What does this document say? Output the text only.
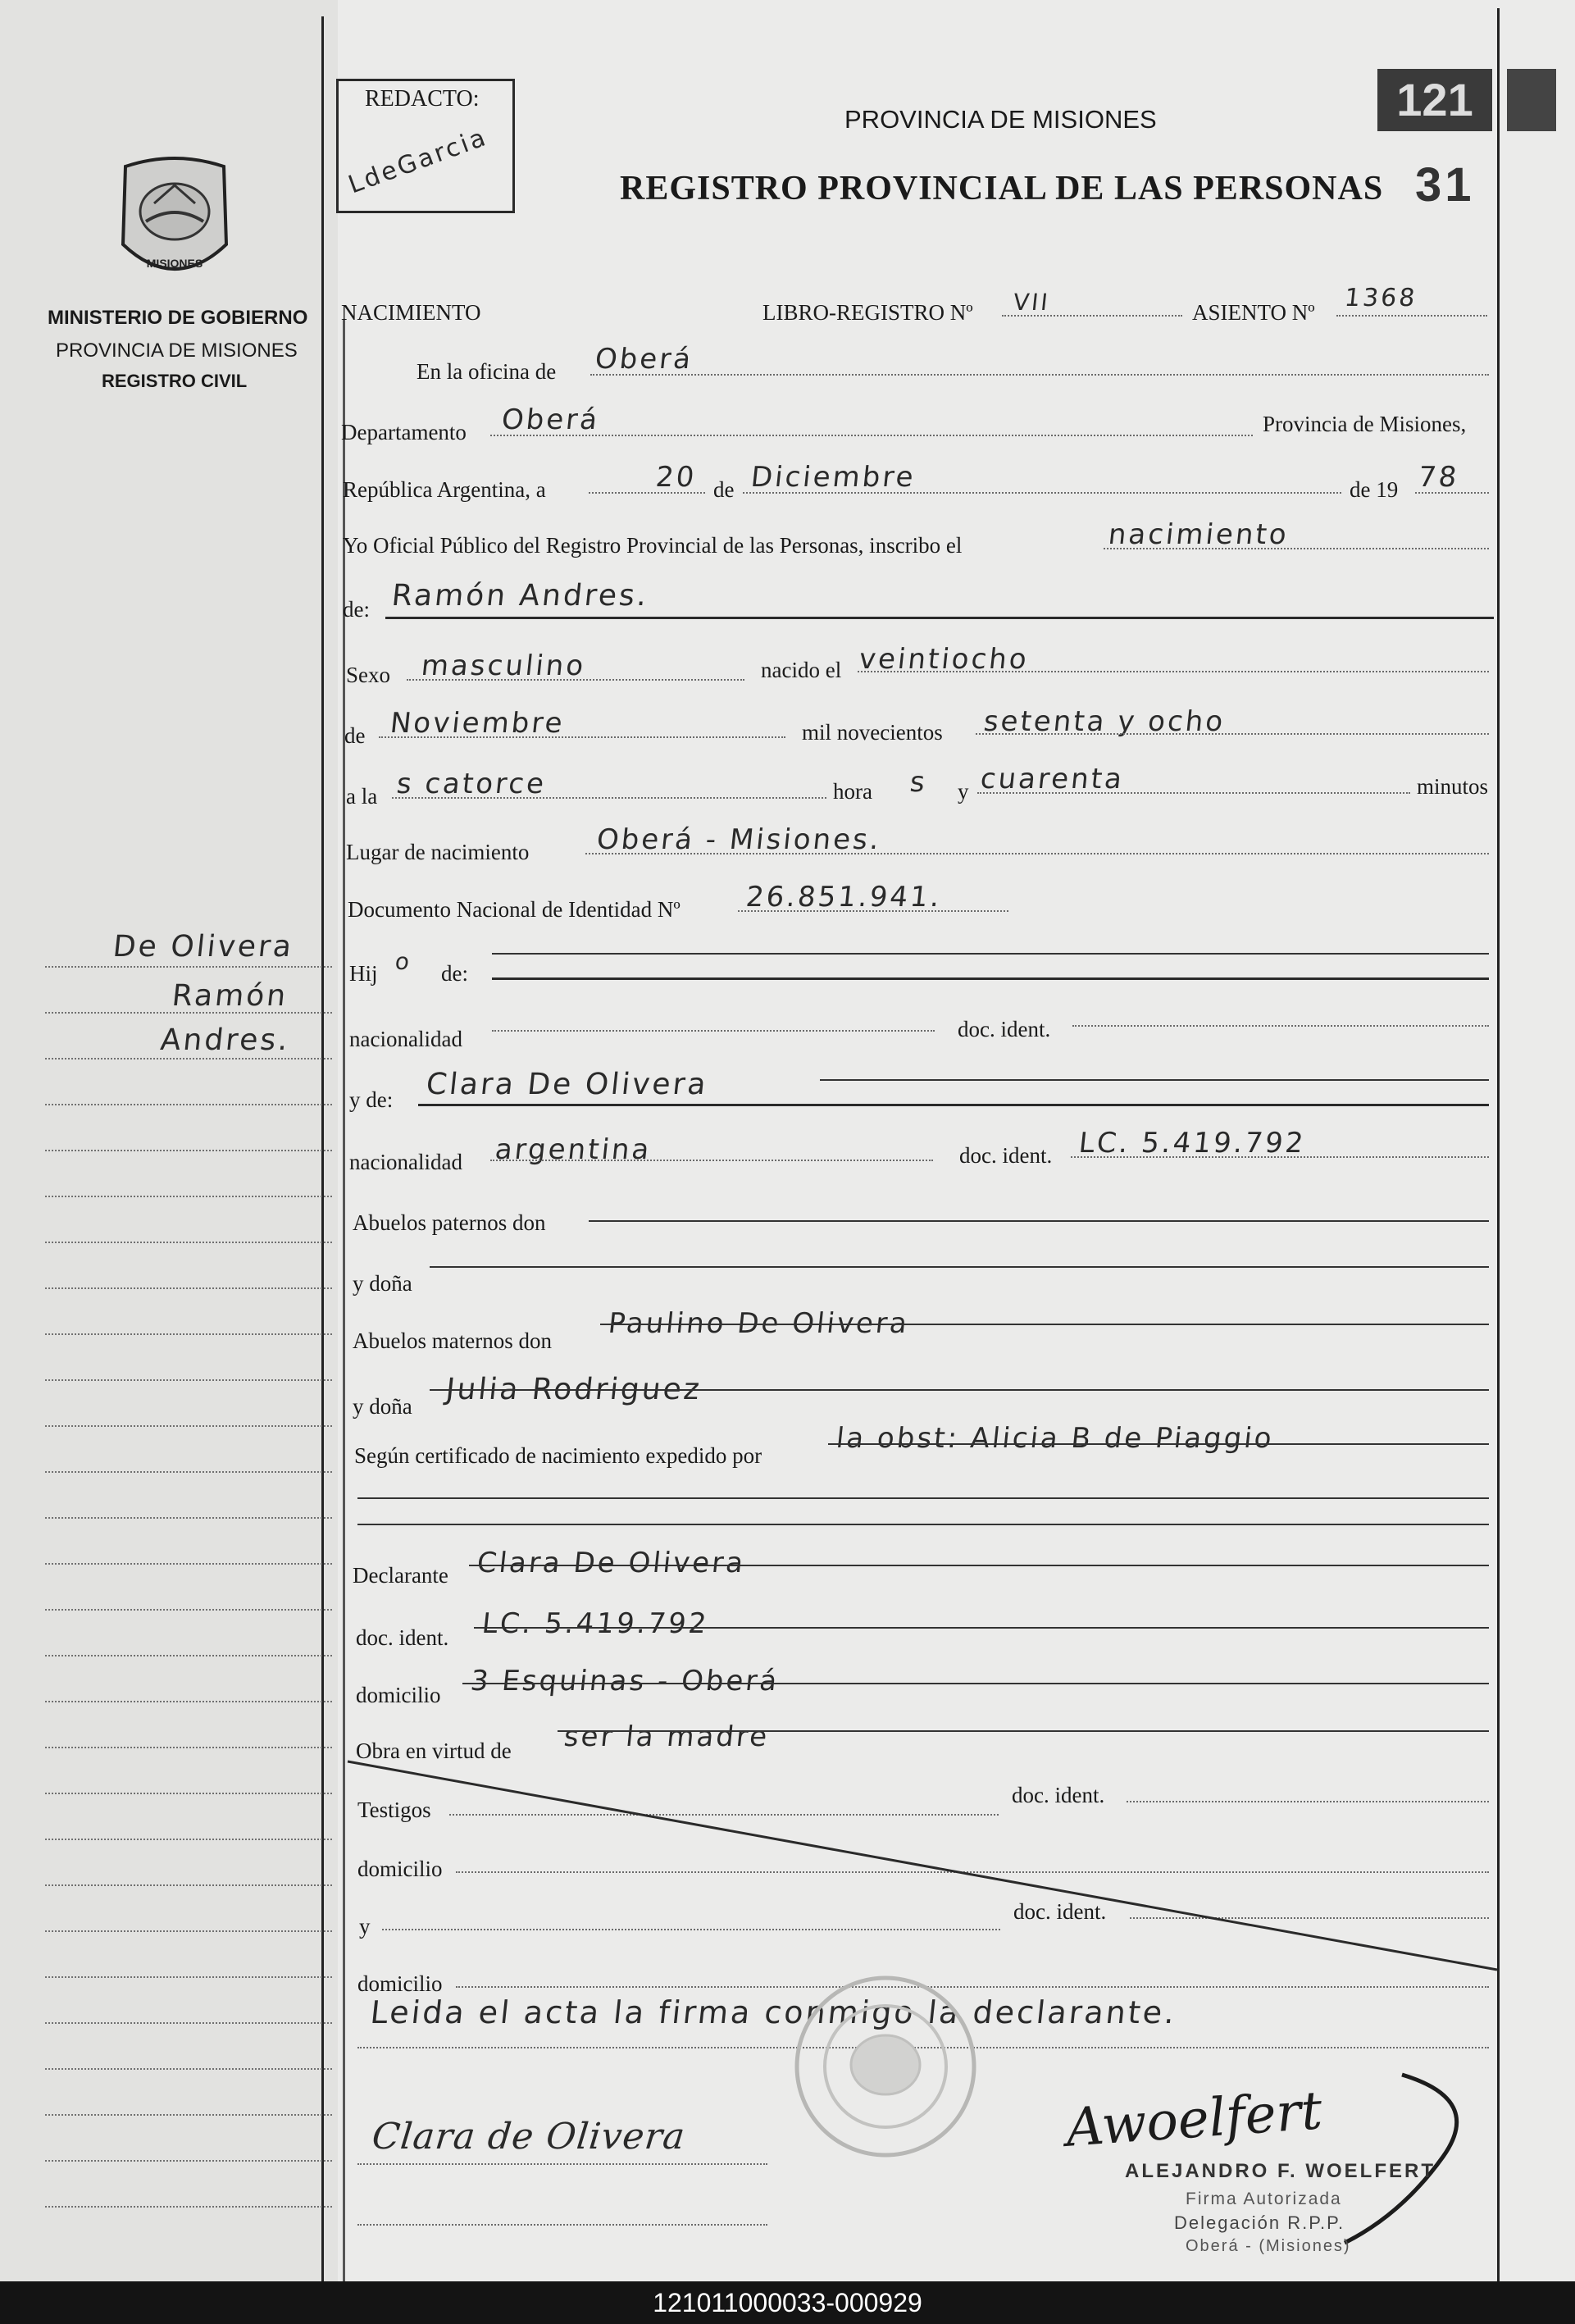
REDACTO:
LdeGarcia
PROVINCIA DE MISIONES
REGISTRO PROVINCIAL DE LAS PERSONAS 31
121
MISIONES
MINISTERIO DE GOBIERNO
PROVINCIA DE MISIONES
REGISTRO CIVIL
De Olivera
Ramón
Andres.
NACIMIENTO	LIBRO-REGISTRO Nº VII	ASIENTO Nº 1368
En la oficina de Oberá
Departamento Oberá	Provincia de Misiones,
República Argentina, a	20 de Diciembre	de 19 78
Yo Oficial Público del Registro Provincial de las Personas, inscribo el	nacimiento
de: Ramón Andres.
Sexo masculino	nacido el veintiocho
de Noviembre	mil novecientos setenta y ocho
a la s catorce	hora s y cuarenta	minutos
Lugar de nacimiento Oberá - Misiones.
Documento Nacional de Identidad Nº 26.851.941.
Hij o de:
nacionalidad	doc. ident.
y de: Clara De Olivera
nacionalidad argentina	doc. ident. LC. 5.419.792
Abuelos paternos don
y doña
Abuelos maternos don
Paulino De Olivera
y doña Julia Rodriguez
Según certificado de nacimiento expedido por
la obst: Alicia B de Piaggio
Declarante Clara De Olivera
doc. ident. LC. 5.419.792
domicilio 3 Esquinas - Oberá
Obra en virtud de ser la madre
Testigos
doc. ident.
domicilio
y
doc. ident.
domicilio
Leida el acta la firma conmigo la declarante.
Clara de Olivera	Awoelfert
ALEJANDRO F. WOELFERT
Firma Autorizada
Delegación R.P.P.
Oberá - (Misiones)
121011000033-000929
